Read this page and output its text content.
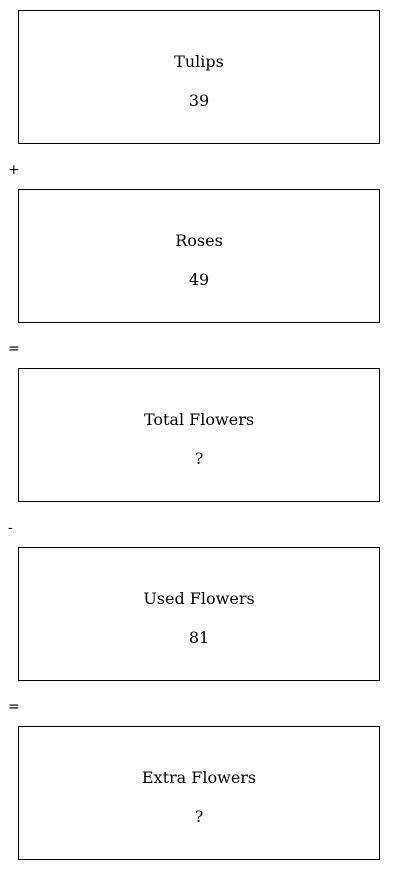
Tulips
39
+
Roses
49
=
Total Flowers
?
-
Used Flowers
81
=
Extra Flowers
?
